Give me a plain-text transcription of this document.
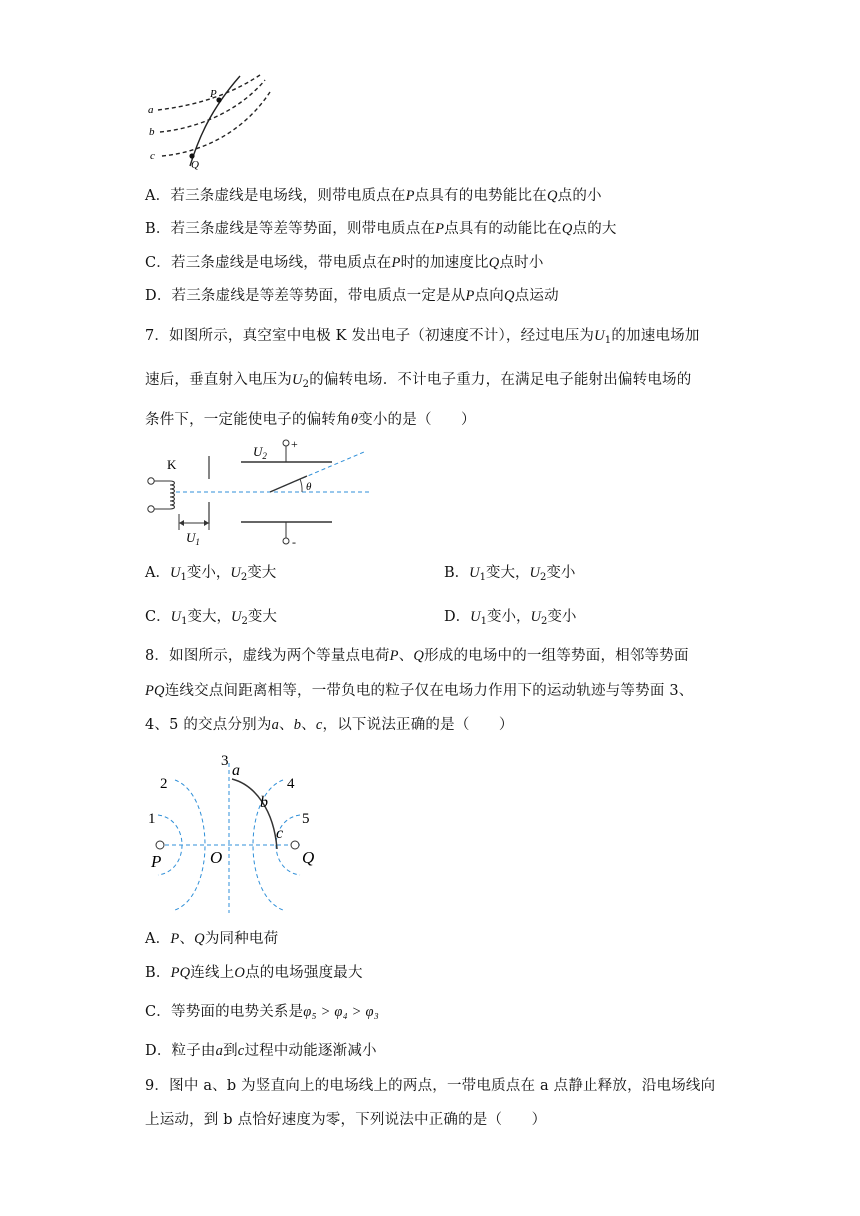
a
b
c
P
Q
A．若三条虚线是电场线，则带电质点在P点具有的电势能比在Q点的小
B．若三条虚线是等差等势面，则带电质点在P点具有的动能比在Q点的大
C．若三条虚线是电场线，带电质点在P时的加速度比Q点时小
D．若三条虚线是等差等势面，带电质点一定是从P点向Q点运动
7．如图所示，真空室中电极 K 发出电子（初速度不计），经过电压为$U_1$的加速电场加
速后，垂直射入电压为$U_2$的偏转电场．不计电子重力，在满足电子能射出偏转电场的
条件下，一定能使电子的偏转角θ变小的是（　　）
K
$U_1$
+
-
$U_2$
θ
A．$U_1$变小，$U_2$变大	B．$U_1$变大，$U_2$变小
C．$U_1$变大，$U_2$变大	D．$U_1$变小，$U_2$变小
8．如图所示，虚线为两个等量点电荷P、Q形成的电场中的一组等势面，相邻等势面
PQ连线交点间距离相等，一带负电的粒子仅在电场力作用下的运动轨迹与等势面 3、
4、5 的交点分别为a、b、c，以下说法正确的是（　　）
1
2
3
4
5
a
b
c
P	O	Q
A．P、Q为同种电荷
B．PQ连线上O点的电场强度最大
C．等势面的电势关系是φ₅ > φ₄ > φ₃
D．粒子由a到c过程中动能逐渐减小
9．图中 a、b 为竖直向上的电场线上的两点，一带电质点在 a 点静止释放，沿电场线向
上运动，到 b 点恰好速度为零，下列说法中正确的是（　　）
